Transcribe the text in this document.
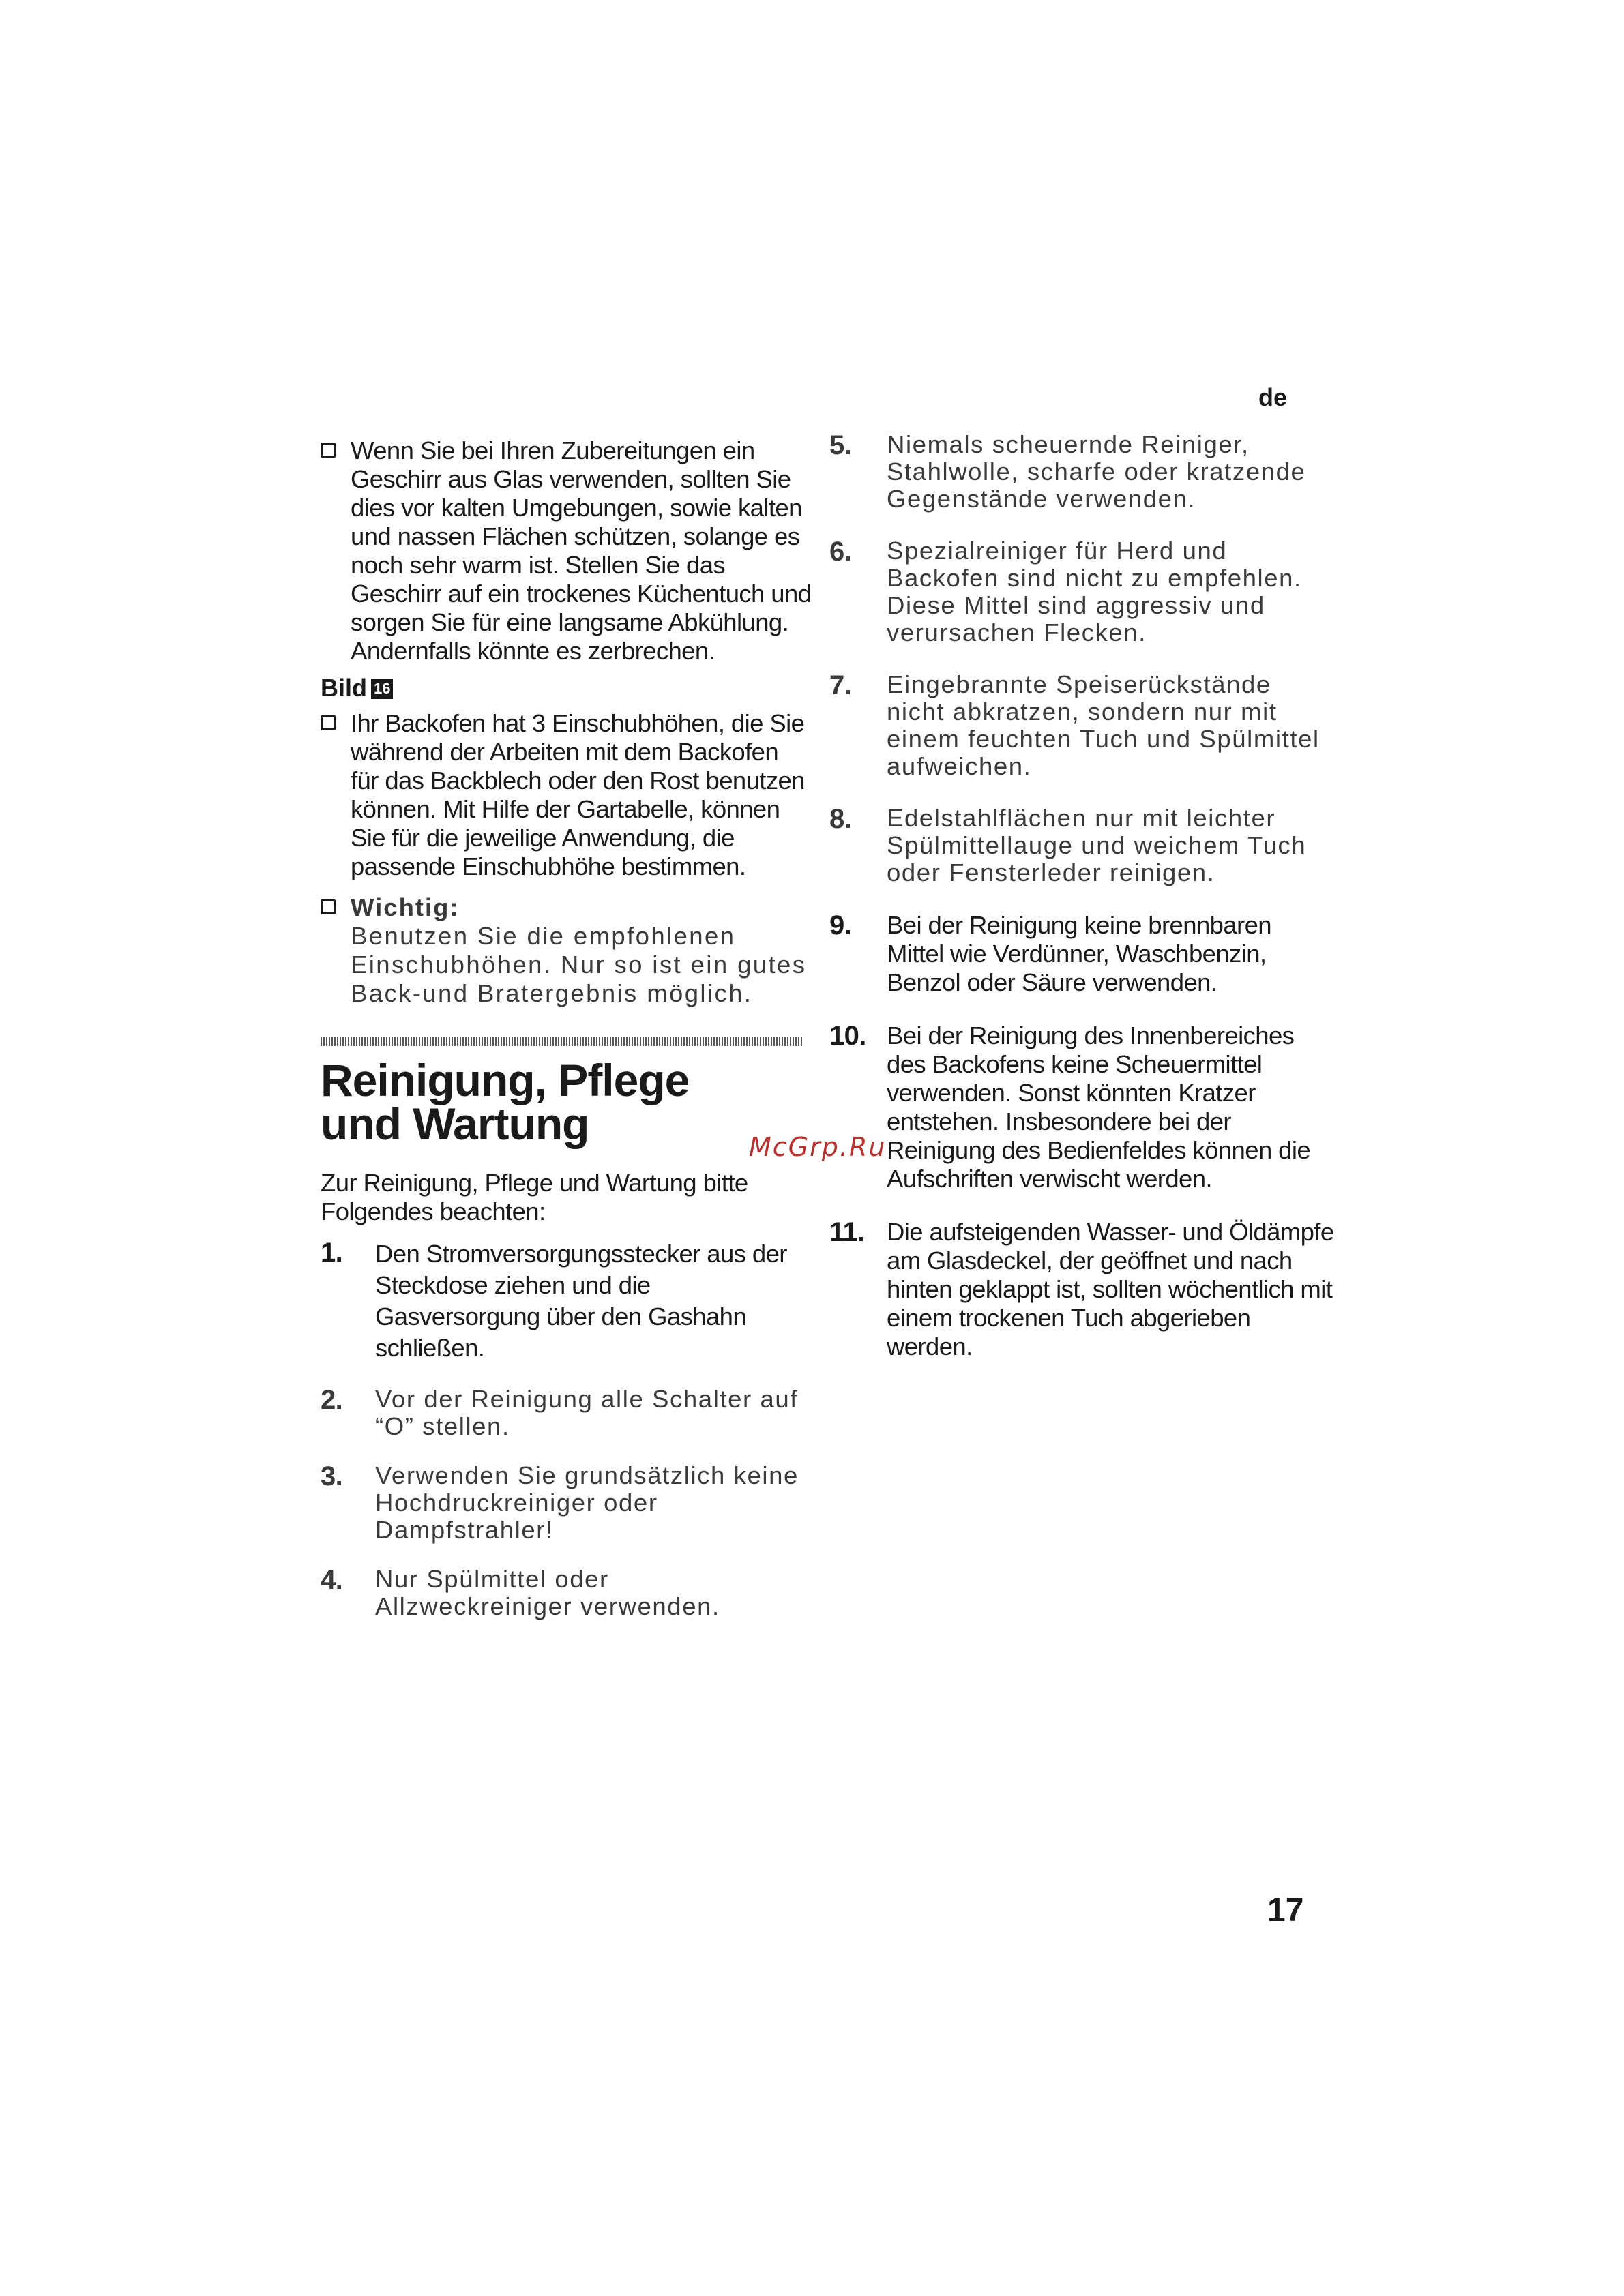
de
McGrp.Ru
17
Wenn Sie bei Ihren Zubereitungen ein Geschirr aus Glas verwenden, sollten Sie dies vor kalten Umgebungen, sowie kalten und nassen Flächen schützen, solange es noch sehr warm ist. Stellen Sie das Geschirr auf ein trockenes Küchentuch und sorgen Sie für eine langsame Abkühlung.
Andernfalls könnte es zerbrechen.
Bild 16
Ihr Backofen hat 3 Einschubhöhen, die Sie während der Arbeiten mit dem Backofen für das Backblech oder den Rost benutzen können. Mit Hilfe der Gartabelle, können Sie für die jeweilige Anwendung, die passende Einschubhöhe bestimmen.
Wichtig:
Benutzen Sie die empfohlenen Einschubhöhen. Nur so ist ein gutes Back-und Bratergebnis möglich.
Reinigung, Pflege
und Wartung
Zur Reinigung, Pflege und Wartung bitte Folgendes beachten:
1. Den Stromversorgungsstecker aus der Steckdose ziehen und die Gasversorgung über den Gashahn schließen.
2. Vor der Reinigung alle Schalter auf “O” stellen.
3. Verwenden Sie grundsätzlich keine Hochdruckreiniger oder Dampfstrahler!
4. Nur Spülmittel oder Allzweckreiniger verwenden.
5. Niemals scheuernde Reiniger, Stahlwolle, scharfe oder kratzende Gegenstände verwenden.
6. Spezialreiniger für Herd und Backofen sind nicht zu empfehlen. Diese Mittel sind aggressiv und verursachen Flecken.
7. Eingebrannte Speiserückstände nicht abkratzen, sondern nur mit einem feuchten Tuch und Spülmittel aufweichen.
8. Edelstahlflächen nur mit leichter Spülmittellauge und weichem Tuch oder Fensterleder reinigen.
9. Bei der Reinigung keine brennbaren Mittel wie Verdünner, Waschbenzin, Benzol oder Säure verwenden.
10. Bei der Reinigung des Innenbereiches des Backofens keine Scheuermittel verwenden. Sonst könnten Kratzer entstehen. Insbesondere bei der Reinigung des Bedienfeldes können die Aufschriften verwischt werden.
11. Die aufsteigenden Wasser- und Öldämpfe am Glasdeckel, der geöffnet und nach hinten geklappt ist, sollten wöchentlich mit einem trockenen Tuch abgerieben werden.
